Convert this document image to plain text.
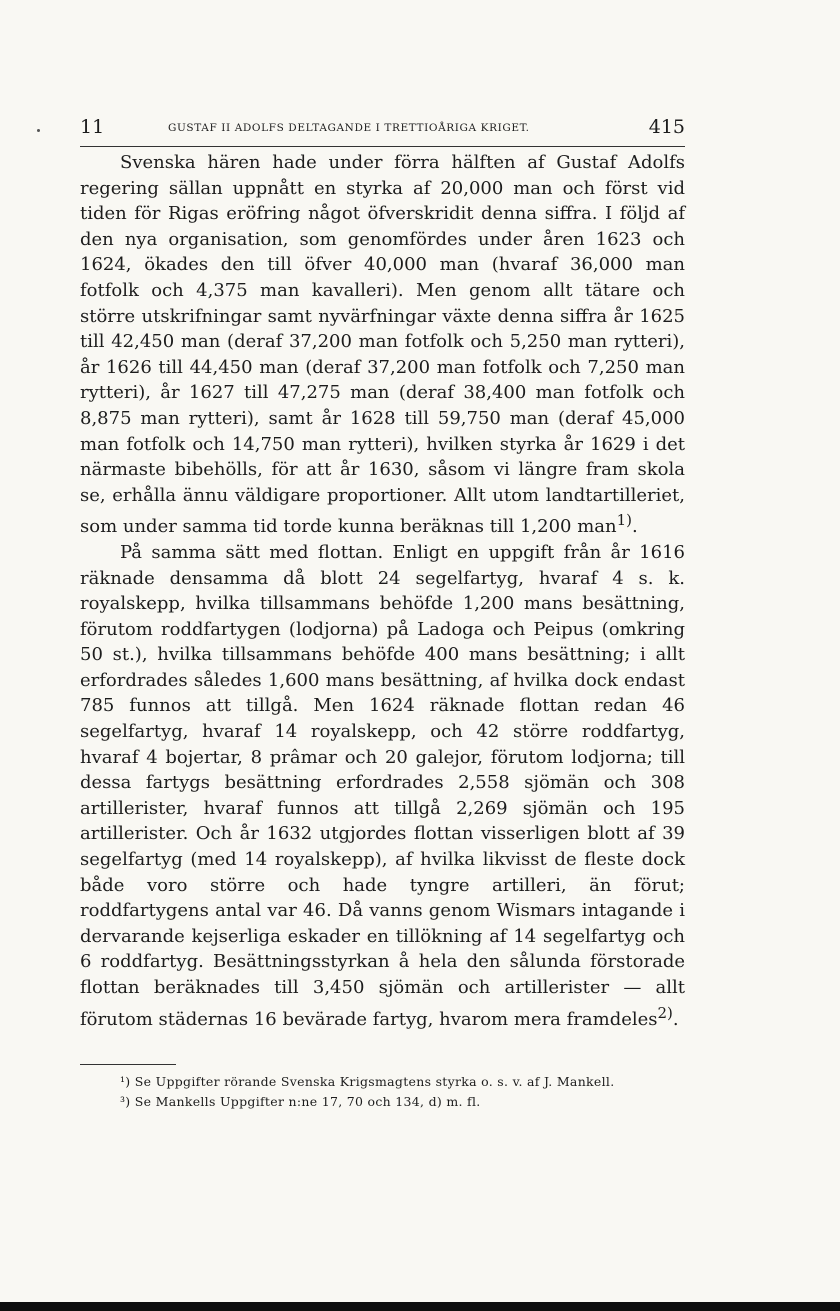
11	GUSTAF II ADOLFS DELTAGANDE I TRETTIOÅRIGA KRIGET.	415

Svenska hären hade under förra hälften af Gustaf Adolfs regering sällan uppnått en styrka af 20,000 man och först vid tiden för Rigas eröfring något öfverskridit denna siffra. I följd af den nya organisation, som genomfördes under åren 1623 och 1624, ökades den till öfver 40,000 man (hvaraf 36,000 man fotfolk och 4,375 man kavalleri). Men genom allt tätare och större utskrifningar samt nyvärfningar växte denna siffra år 1625 till 42,450 man (deraf 37,200 man fotfolk och 5,250 man rytteri), år 1626 till 44,450 man (deraf 37,200 man fotfolk och 7,250 man rytteri), år 1627 till 47,275 man (deraf 38,400 man fotfolk och 8,875 man rytteri), samt år 1628 till 59,750 man (deraf 45,000 man fotfolk och 14,750 man rytteri), hvilken styrka år 1629 i det närmaste bibehölls, för att år 1630, såsom vi längre fram skola se, erhålla ännu väldigare proportioner. Allt utom landtartilleriet, som under samma tid torde kunna beräknas till 1,200 man$^{1)}$.

På samma sätt med flottan. Enligt en uppgift från år 1616 räknade densamma då blott 24 segelfartyg, hvaraf 4 s. k. royalskepp, hvilka tillsammans behöfde 1,200 mans besättning, förutom roddfartygen (lodjorna) på Ladoga och Peipus (omkring 50 st.), hvilka tillsammans behöfde 400 mans besättning; i allt erfordrades således 1,600 mans besättning, af hvilka dock endast 785 funnos att tillgå. Men 1624 räknade flottan redan 46 segelfartyg, hvaraf 14 royalskepp, och 42 större roddfartyg, hvaraf 4 bojertar, 8 prâmar och 20 galejor, förutom lodjorna; till dessa fartygs besättning erfordrades 2,558 sjömän och 308 artillerister, hvaraf funnos att tillgå 2,269 sjömän och 195 artillerister. Och år 1632 utgjordes flottan visserligen blott af 39 segelfartyg (med 14 royalskepp), af hvilka likvisst de fleste dock både voro större och hade tyngre artilleri, än förut; roddfartygens antal var 46. Då vanns genom Wismars intagande i dervarande kejserliga eskader en tillökning af 14 segelfartyg och 6 roddfartyg. Besättningsstyrkan å hela den sålunda förstorade flottan beräknades till 3,450 sjömän och artillerister — allt förutom städernas 16 bevärade fartyg, hvarom mera framdeles$^{2)}$.

¹) Se Uppgifter rörande Svenska Krigsmagtens styrka o. s. v. af J. Mankell.

³) Se Mankells Uppgifter n:ne 17, 70 och 134, d) m. fl.
